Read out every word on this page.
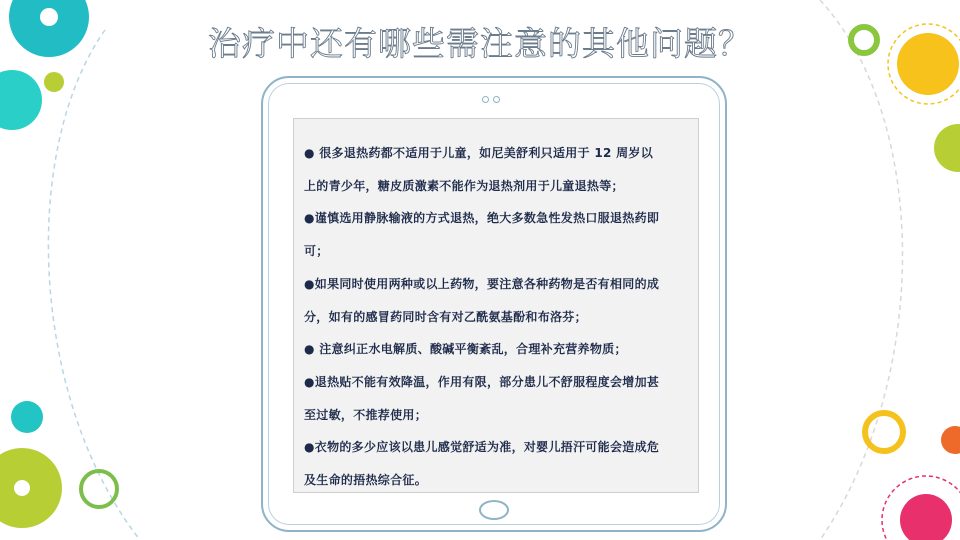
治疗中还有哪些需注意的其他问题？
● 很多退热药都不适用于儿童，如尼美舒利只适用于 12 周岁以
上的青少年，糖皮质激素不能作为退热剂用于儿童退热等；
●谨慎选用静脉输液的方式退热，绝大多数急性发热口服退热药即
可；
●如果同时使用两种或以上药物，要注意各种药物是否有相同的成
分，如有的感冒药同时含有对乙酰氨基酚和布洛芬；
● 注意纠正水电解质、酸碱平衡紊乱，合理补充营养物质；
●退热贴不能有效降温，作用有限，部分患儿不舒服程度会增加甚
至过敏，不推荐使用；
●衣物的多少应该以患儿感觉舒适为准，对婴儿捂汗可能会造成危
及生命的捂热综合征。
